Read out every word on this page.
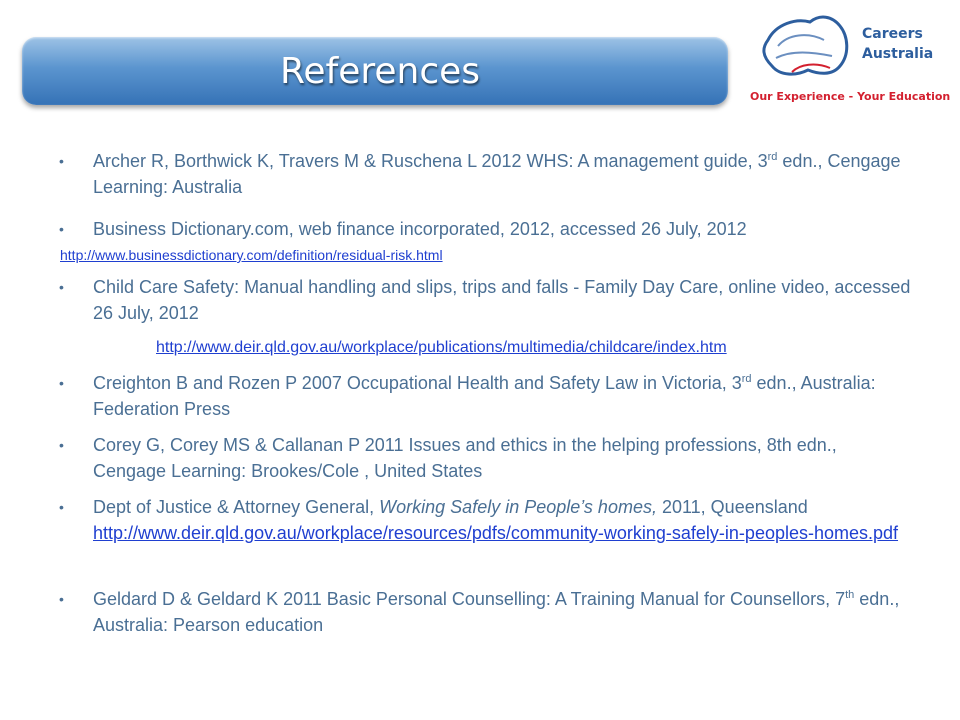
References
Careers
Australia
Our Experience - Your Education
• Archer R, Borthwick K, Travers M & Ruschena L 2012 WHS: A management guide, 3rd edn., Cengage Learning: Australia
• Business Dictionary.com, web finance incorporated, 2012, accessed 26 July, 2012
http://www.businessdictionary.com/definition/residual-risk.html
• Child Care Safety: Manual handling and slips, trips and falls - Family Day Care, online video, accessed 26 July, 2012
http://www.deir.qld.gov.au/workplace/publications/multimedia/childcare/index.htm
• Creighton B and Rozen P 2007 Occupational Health and Safety Law in Victoria, 3rd edn., Australia: Federation Press
• Corey G, Corey MS & Callanan P 2011 Issues and ethics in the helping professions, 8th edn., Cengage Learning: Brookes/Cole , United States
• Dept of Justice & Attorney General, Working Safely in People’s homes, 2011, Queensland http://www.deir.qld.gov.au/workplace/resources/pdfs/community-working-safely-in-peoples-homes.pdf
• Geldard D & Geldard K 2011 Basic Personal Counselling: A Training Manual for Counsellors, 7th edn., Australia: Pearson education
